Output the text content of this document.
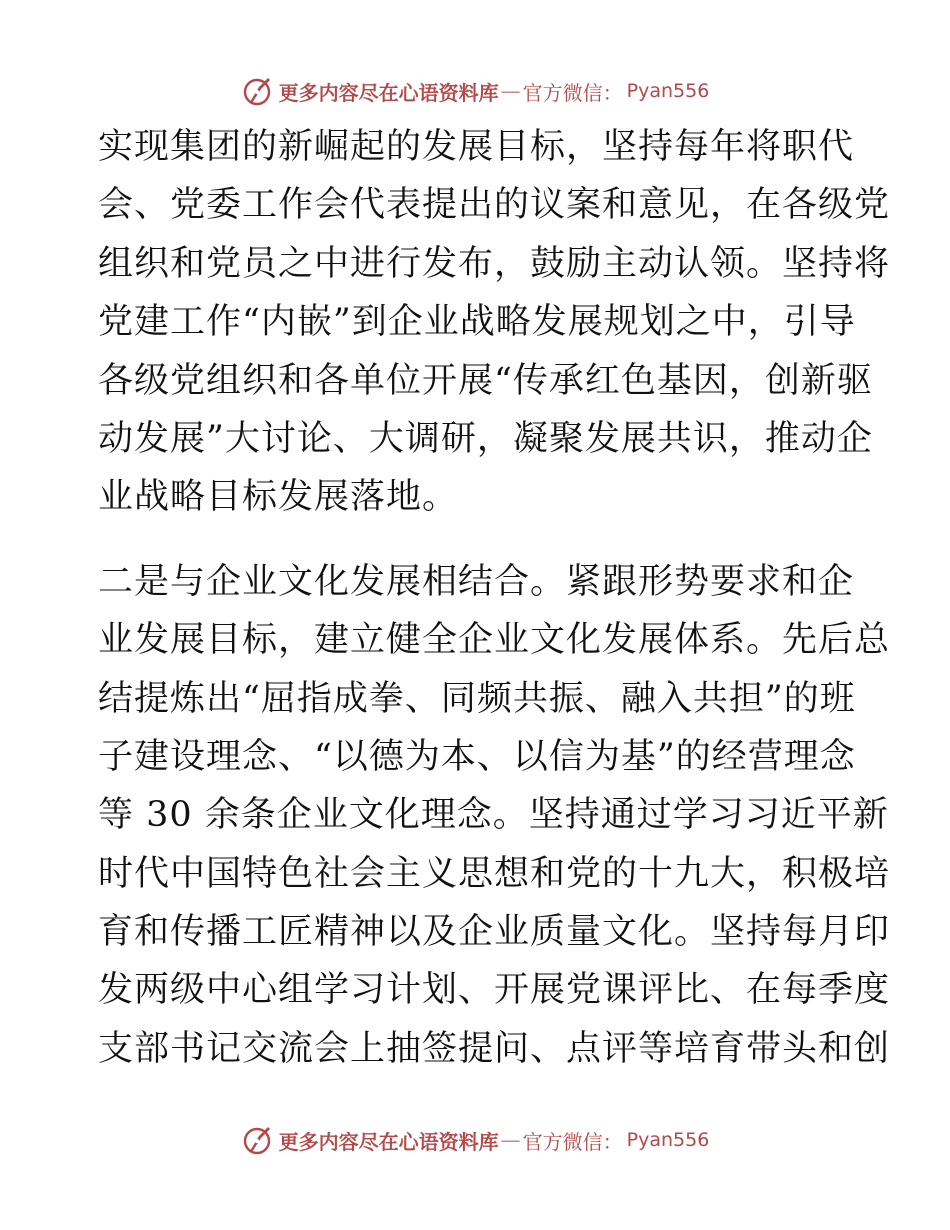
更多内容尽在心语资料库 — 官方微信： Pyan556
实现集团的新崛起的发展目标，坚持每年将职代
会、党委工作会代表提出的议案和意见，在各级党
组织和党员之中进行发布，鼓励主动认领。坚持将
党建工作“内嵌”到企业战略发展规划之中，引导
各级党组织和各单位开展“传承红色基因，创新驱
动发展”大讨论、大调研，凝聚发展共识，推动企
业战略目标发展落地。
二是与企业文化发展相结合。紧跟形势要求和企
业发展目标，建立健全企业文化发展体系。先后总
结提炼出“屈指成拳、同频共振、融入共担”的班
子建设理念、“以德为本、以信为基”的经营理念
等 30 余条企业文化理念。坚持通过学习习近平新
时代中国特色社会主义思想和党的十九大，积极培
育和传播工匠精神以及企业质量文化。坚持每月印
发两级中心组学习计划、开展党课评比、在每季度
支部书记交流会上抽签提问、点评等培育带头和创
更多内容尽在心语资料库 — 官方微信： Pyan556
